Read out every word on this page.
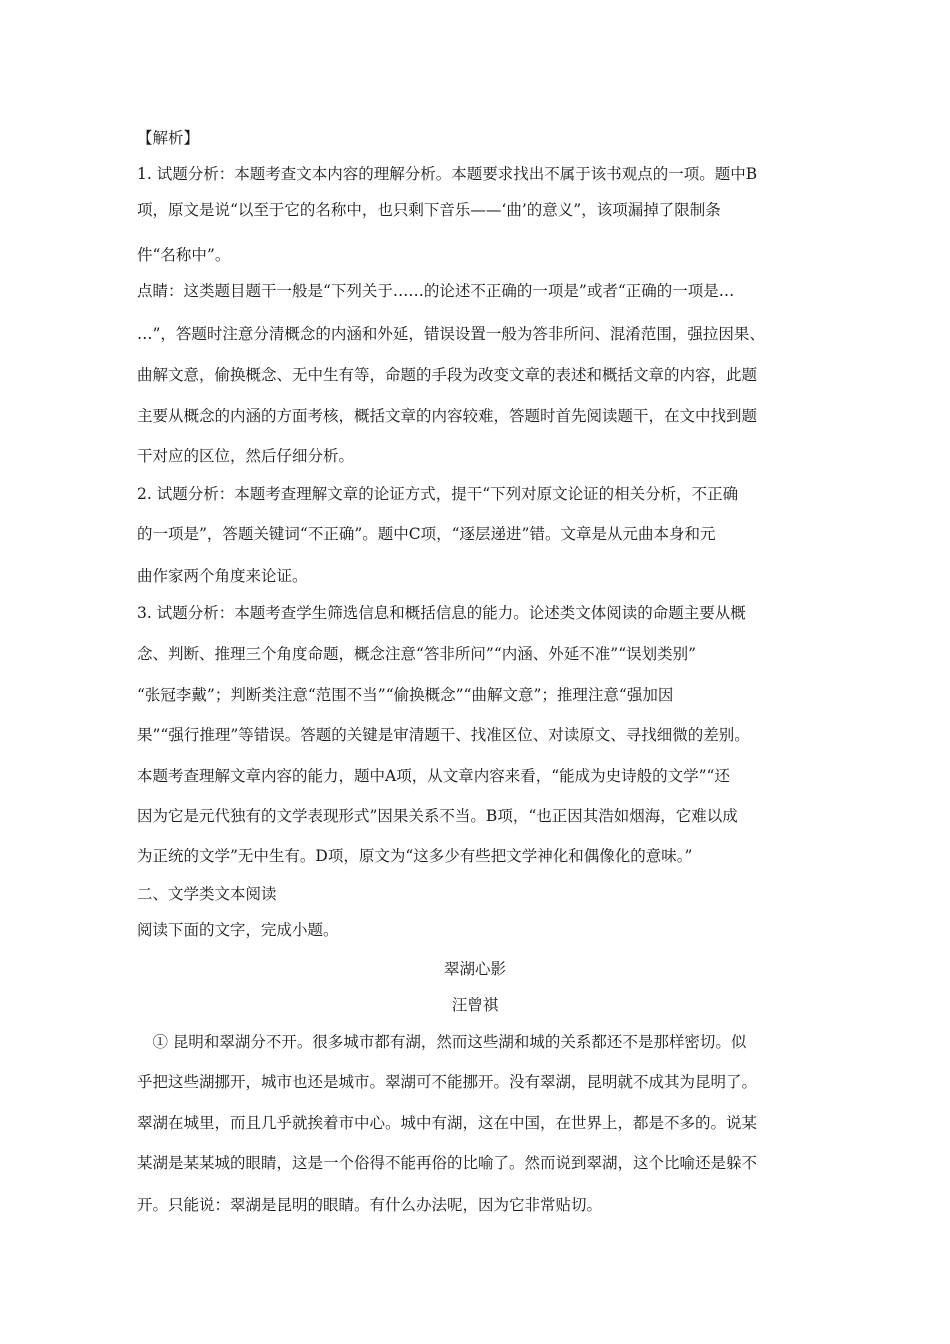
【解析】
1. 试题分析：本题考查文本内容的理解分析。本题要求找出不属于该书观点的一项。题中B
项，原文是说“以至于它的名称中，也只剩下音乐——‘曲’的意义”，该项漏掉了限制条
件“名称中”。
点睛：这类题目题干一般是“下列关于……的论述不正确的一项是”或者“正确的一项是…
…”，答题时注意分清概念的内涵和外延，错误设置一般为答非所问、混淆范围，强拉因果、
曲解文意，偷换概念、无中生有等，命题的手段为改变文章的表述和概括文章的内容，此题
主要从概念的内涵的方面考核，概括文章的内容较难，答题时首先阅读题干，在文中找到题
干对应的区位，然后仔细分析。
2. 试题分析：本题考查理解文章的论证方式，提干“下列对原文论证的相关分析，不正确
的一项是”，答题关键词“不正确”。题中C项，“逐层递进”错。文章是从元曲本身和元
曲作家两个角度来论证。
3. 试题分析：本题考查学生筛选信息和概括信息的能力。论述类文体阅读的命题主要从概
念、判断、推理三个角度命题，概念注意“答非所问”“内涵、外延不准”“误划类别”
“张冠李戴”；判断类注意“范围不当”“偷换概念”“曲解文意”；推理注意“强加因
果”“强行推理”等错误。答题的关键是审清题干、找准区位、对读原文、寻找细微的差别。
本题考查理解文章内容的能力，题中A项，从文章内容来看，“能成为史诗般的文学”“还
因为它是元代独有的文学表现形式”因果关系不当。B项，“也正因其浩如烟海，它难以成
为正统的文学”无中生有。D项，原文为“这多少有些把文学神化和偶像化的意味。”
二、文学类文本阅读
阅读下面的文字，完成小题。
翠湖心影
汪曾祺
　① 昆明和翠湖分不开。很多城市都有湖，然而这些湖和城的关系都还不是那样密切。似
乎把这些湖挪开，城市也还是城市。翠湖可不能挪开。没有翠湖，昆明就不成其为昆明了。
翠湖在城里，而且几乎就挨着市中心。城中有湖，这在中国，在世界上，都是不多的。说某
某湖是某某城的眼睛，这是一个俗得不能再俗的比喻了。然而说到翠湖，这个比喻还是躲不
开。只能说：翠湖是昆明的眼睛。有什么办法呢，因为它非常贴切。
